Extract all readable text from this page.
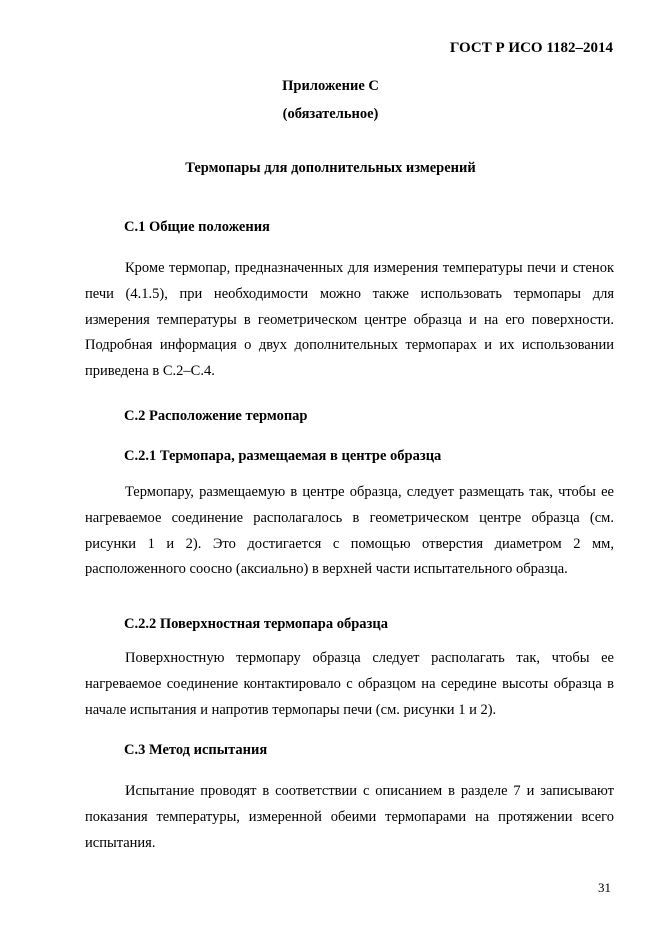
ГОСТ Р ИСО 1182–2014
Приложение С
(обязательное)
Термопары для дополнительных измерений
С.1 Общие положения

Кроме термопар, предназначенных для измерения температуры печи и стенок печи (4.1.5), при необходимости можно также использовать термопары для измерения температуры в геометрическом центре образца и на его поверхности. Подробная информация о двух дополнительных термопарах и их использовании приведена в С.2–С.4.

С.2 Расположение термопар
С.2.1 Термопара, размещаемая в центре образца

Термопару, размещаемую в центре образца, следует размещать так, чтобы ее нагреваемое соединение располагалось в геометрическом центре образца (см. рисунки 1 и 2). Это достигается с помощью отверстия диаметром 2 мм, расположенного соосно (аксиально) в верхней части испытательного образца.

С.2.2 Поверхностная термопара образца

Поверхностную термопару образца следует располагать так, чтобы ее нагреваемое соединение контактировало с образцом на середине высоты образца в начале испытания и напротив термопары печи (см. рисунки 1 и 2).

С.3 Метод испытания

Испытание проводят в соответствии с описанием в разделе 7 и записывают показания температуры, измеренной обеими термопарами на протяжении всего испытания.

31
